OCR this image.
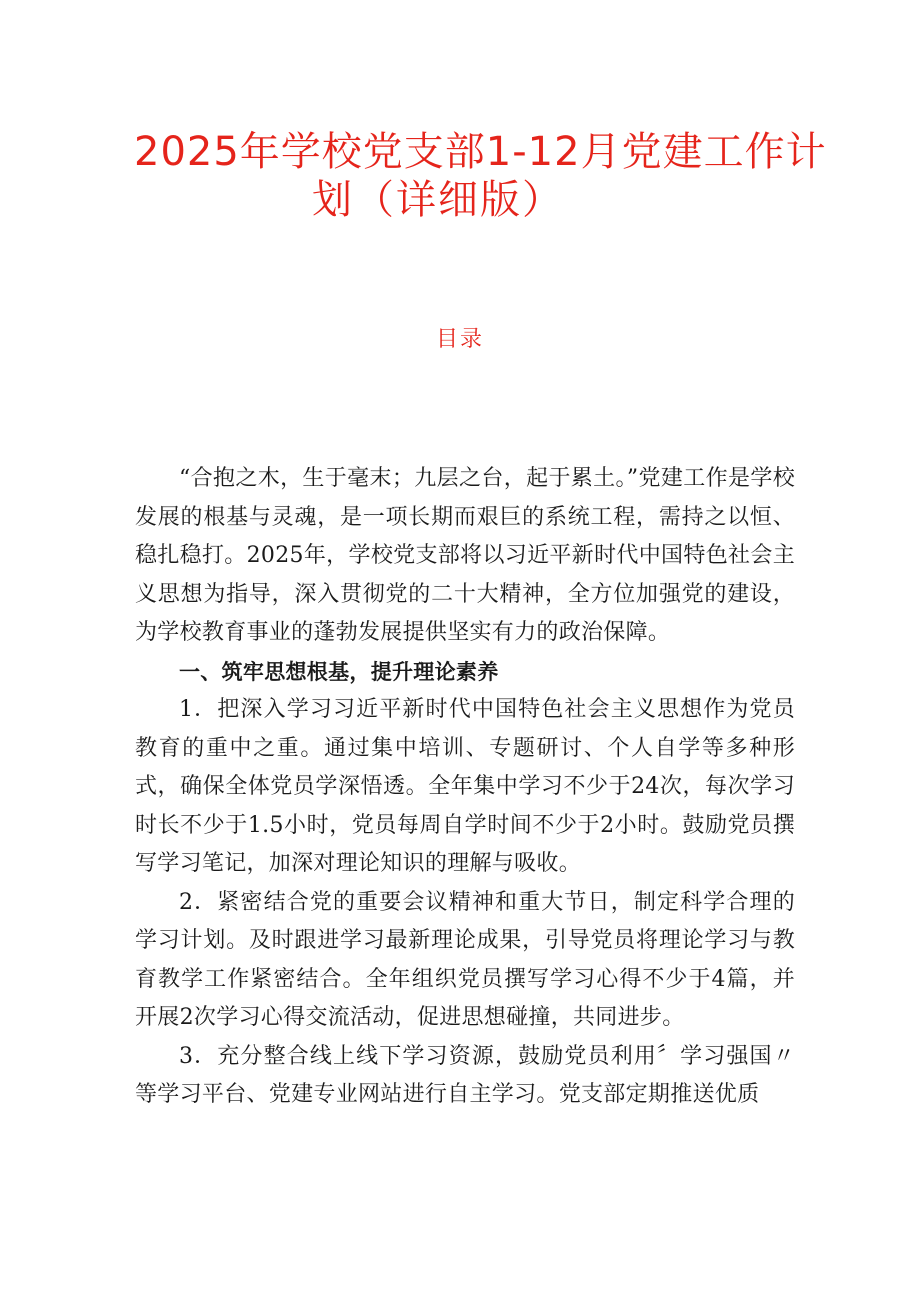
2025年学校党支部1-12月党建工作计
划（详细版）
目录

“合抱之木，生于毫末；九层之台，起于累土。”党建工作是学校发展的根基与灵魂，是一项长期而艰巨的系统工程，需持之以恒、稳扎稳打。2025年，学校党支部将以习近平新时代中国特色社会主义思想为指导，深入贯彻党的二十大精神，全方位加强党的建设，为学校教育事业的蓬勃发展提供坚实有力的政治保障。

一、筑牢思想根基，提升理论素养

1．把深入学习习近平新时代中国特色社会主义思想作为党员教育的重中之重。通过集中培训、专题研讨、个人自学等多种形式，确保全体党员学深悟透。全年集中学习不少于24次，每次学习时长不少于1.5小时，党员每周自学时间不少于2小时。鼓励党员撰写学习笔记，加深对理论知识的理解与吸收。

2．紧密结合党的重要会议精神和重大节日，制定科学合理的学习计划。及时跟进学习最新理论成果，引导党员将理论学习与教育教学工作紧密结合。全年组织党员撰写学习心得不少于4篇，并开展2次学习心得交流活动，促进思想碰撞，共同进步。

3．充分整合线上线下学习资源，鼓励党员利用〞学习强国〃等学习平台、党建专业网站进行自主学习。党支部定期推送优质
